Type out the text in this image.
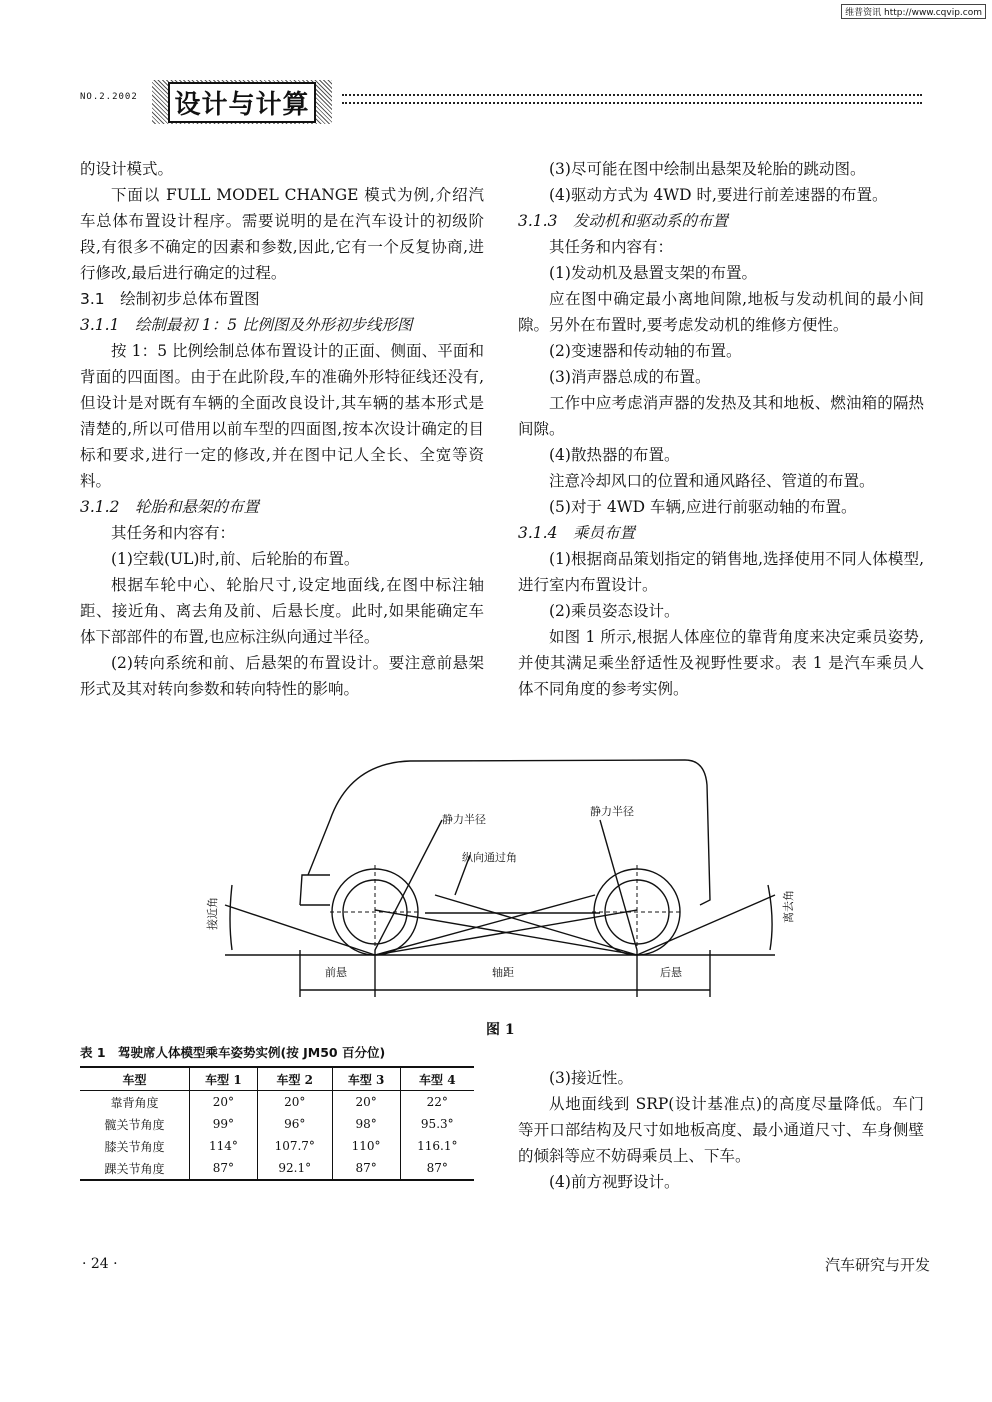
维普资讯 http://www.cqvip.com
NO.2.2002 设计与计算

的设计模式。

下面以 FULL MODEL CHANGE 模式为例,介绍汽车总体布置设计程序。需要说明的是在汽车设计的初级阶段,有很多不确定的因素和参数,因此,它有一个反复协商,进行修改,最后进行确定的过程。

3.1　绘制初步总体布置图

3.1.1　绘制最初 1：5 比例图及外形初步线形图

按 1：5 比例绘制总体布置设计的正面、侧面、平面和背面的四面图。由于在此阶段,车的准确外形特征线还没有,但设计是对既有车辆的全面改良设计,其车辆的基本形式是清楚的,所以可借用以前车型的四面图,按本次设计确定的目标和要求,进行一定的修改,并在图中记人全长、全宽等资料。

3.1.2　轮胎和悬架的布置

其任务和内容有：

(1)空载(UL)时,前、后轮胎的布置。

根据车轮中心、轮胎尺寸,设定地面线,在图中标注轴距、接近角、离去角及前、后悬长度。此时,如果能确定车体下部部件的布置,也应标注纵向通过半径。

(2)转向系统和前、后悬架的布置设计。要注意前悬架形式及其对转向参数和转向特性的影响。

(3)尽可能在图中绘制出悬架及轮胎的跳动图。

(4)驱动方式为 4WD 时,要进行前差速器的布置。

3.1.3　发动机和驱动系的布置

其任务和内容有：

(1)发动机及悬置支架的布置。

应在图中确定最小离地间隙,地板与发动机间的最小间隙。另外在布置时,要考虑发动机的维修方便性。

(2)变速器和传动轴的布置。

(3)消声器总成的布置。

工作中应考虑消声器的发热及其和地板、燃油箱的隔热间隙。

(4)散热器的布置。

注意冷却风口的位置和通风路径、管道的布置。

(5)对于 4WD 车辆,应进行前驱动轴的布置。

3.1.4　乘员布置

(1)根据商品策划指定的销售地,选择使用不同人体模型,进行室内布置设计。

(2)乘员姿态设计。

如图 1 所示,根据人体座位的靠背角度来决定乘员姿势,并使其满足乘坐舒适性及视野性要求。表 1 是汽车乘员人体不同角度的参考实例。

静力半径
静力半径
纵向通过角
前悬	轴距	后悬
接近角	离去角
图 1
表 1　驾驶席人体模型乘车姿势实例(按 JM50 百分位)
车型	车型 1	车型 2	车型 3	车型 4
靠背角度	20°	20°	20°	22°
髋关节角度	99°	96°	98°	95.3°
膝关节角度	114°	107.7°	110°	116.1°
踝关节角度	87°	92.1°	87°	87°

(3)接近性。

从地面线到 SRP(设计基准点)的高度尽量降低。车门等开口部结构及尺寸如地板高度、最小通道尺寸、车身侧壁的倾斜等应不妨碍乘员上、下车。

(4)前方视野设计。

· 24 ·	汽车研究与开发
